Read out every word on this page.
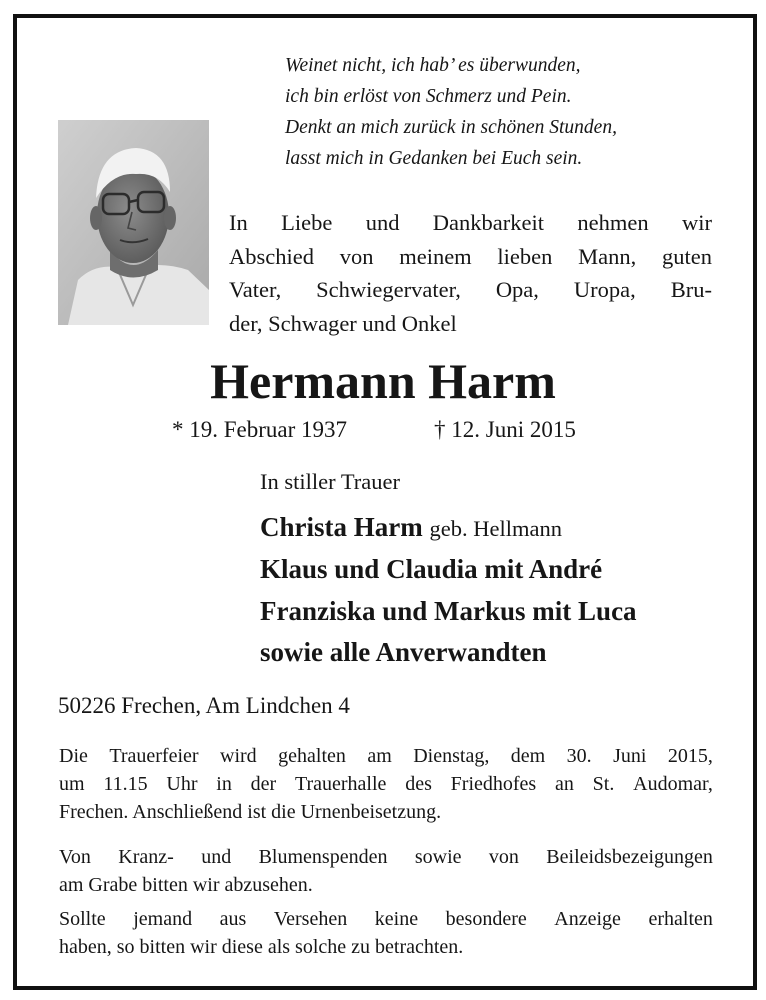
Weinet nicht, ich hab’ es überwunden,
ich bin erlöst von Schmerz und Pein.
Denkt an mich zurück in schönen Stunden,
lasst mich in Gedanken bei Euch sein.
In Liebe und Dankbarkeit nehmen wir
Abschied von meinem lieben Mann, guten
Vater, Schwiegervater, Opa, Uropa, Bru-
der, Schwager und Onkel
Hermann Harm
* 19. Februar 1937	† 12. Juni 2015
In stiller Trauer
Christa Harm geb. Hellmann
Klaus und Claudia mit André
Franziska und Markus mit Luca
sowie alle Anverwandten
50226 Frechen, Am Lindchen 4
Die Trauerfeier wird gehalten am Dienstag, dem 30. Juni 2015,
um 11.15 Uhr in der Trauerhalle des Friedhofes an St. Audomar,
Frechen. Anschließend ist die Urnenbeisetzung.
Von Kranz- und Blumenspenden sowie von Beileidsbezeigungen
am Grabe bitten wir abzusehen.
Sollte jemand aus Versehen keine besondere Anzeige erhalten
haben, so bitten wir diese als solche zu betrachten.
